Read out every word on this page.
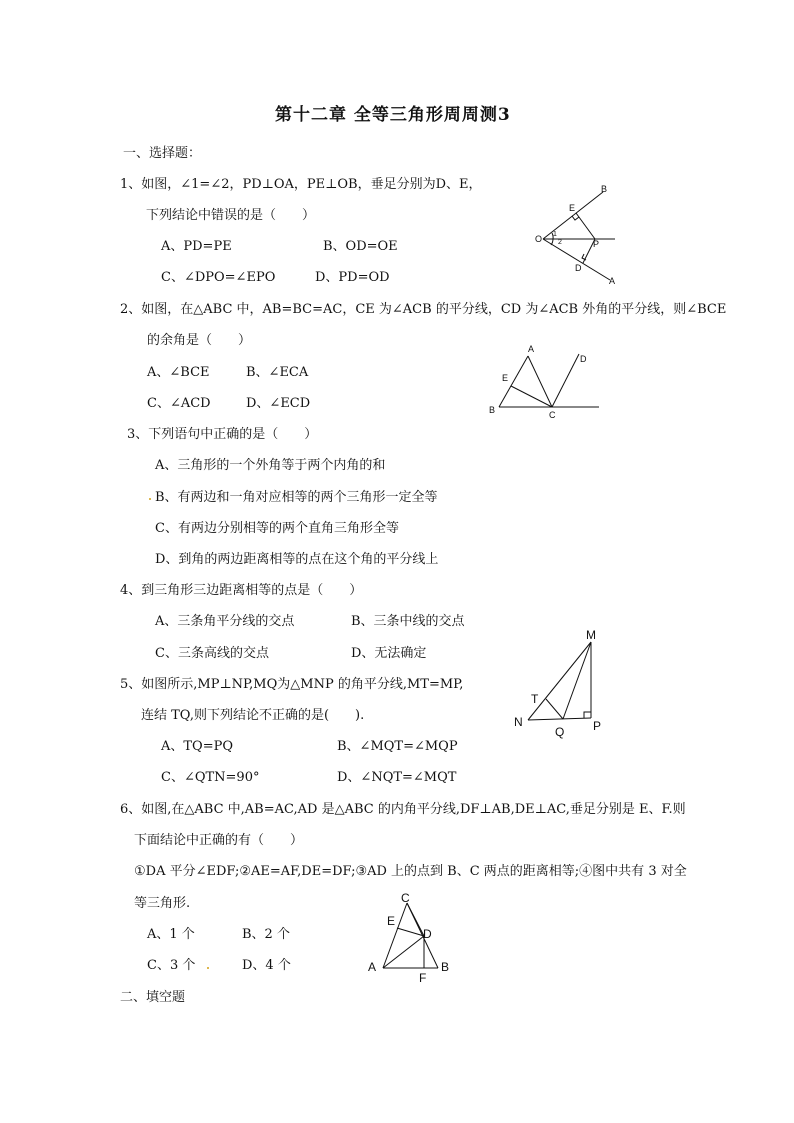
第十二章 全等三角形周周测3
一、选择题：
1、如图，∠1=∠2，PD⊥OA，PE⊥OB，垂足分别为D、E，
下列结论中错误的是（　　）
A、PD=PE	B、OD=OE
C、∠DPO=∠EPO	D、PD=OD
B
E
O 1
2	P
D
A
2、如图，在△ABC 中，AB=BC=AC，CE 为∠ACB 的平分线，CD 为∠ACB 外角的平分线，则∠BCE
的余角是（　　）
A、∠BCE	B、∠ECA
C、∠ACD	D、∠ECD
A
D
E
B	C
3、下列语句中正确的是（　　）
A、三角形的一个外角等于两个内角的和
B、有两边和一角对应相等的两个三角形一定全等
C、有两边分别相等的两个直角三角形全等
D、到角的两边距离相等的点在这个角的平分线上
4、到三角形三边距离相等的点是（　　）
A、三条角平分线的交点	B、三条中线的交点
C、三条高线的交点	D、无法确定
5、如图所示,MP⊥NP,MQ为△MNP 的角平分线,MT=MP,
连结 TQ,则下列结论不正确的是(　　).
A、TQ=PQ	B、∠MQT=∠MQP
C、∠QTN=90°	D、∠NQT=∠MQT
M
T
N
Q P
6、如图,在△ABC 中,AB=AC,AD 是△ABC 的内角平分线,DF⊥AB,DE⊥AC,垂足分别是 E、F.则
下面结论中正确的有（　　）
①DA 平分∠EDF;②AE=AF,DE=DF;③AD 上的点到 B、C 两点的距离相等;④图中共有 3 对全
等三角形.
A、1 个	B、2 个
C、3 个	D、4 个
C
E
D
A
F
B
二、填空题
